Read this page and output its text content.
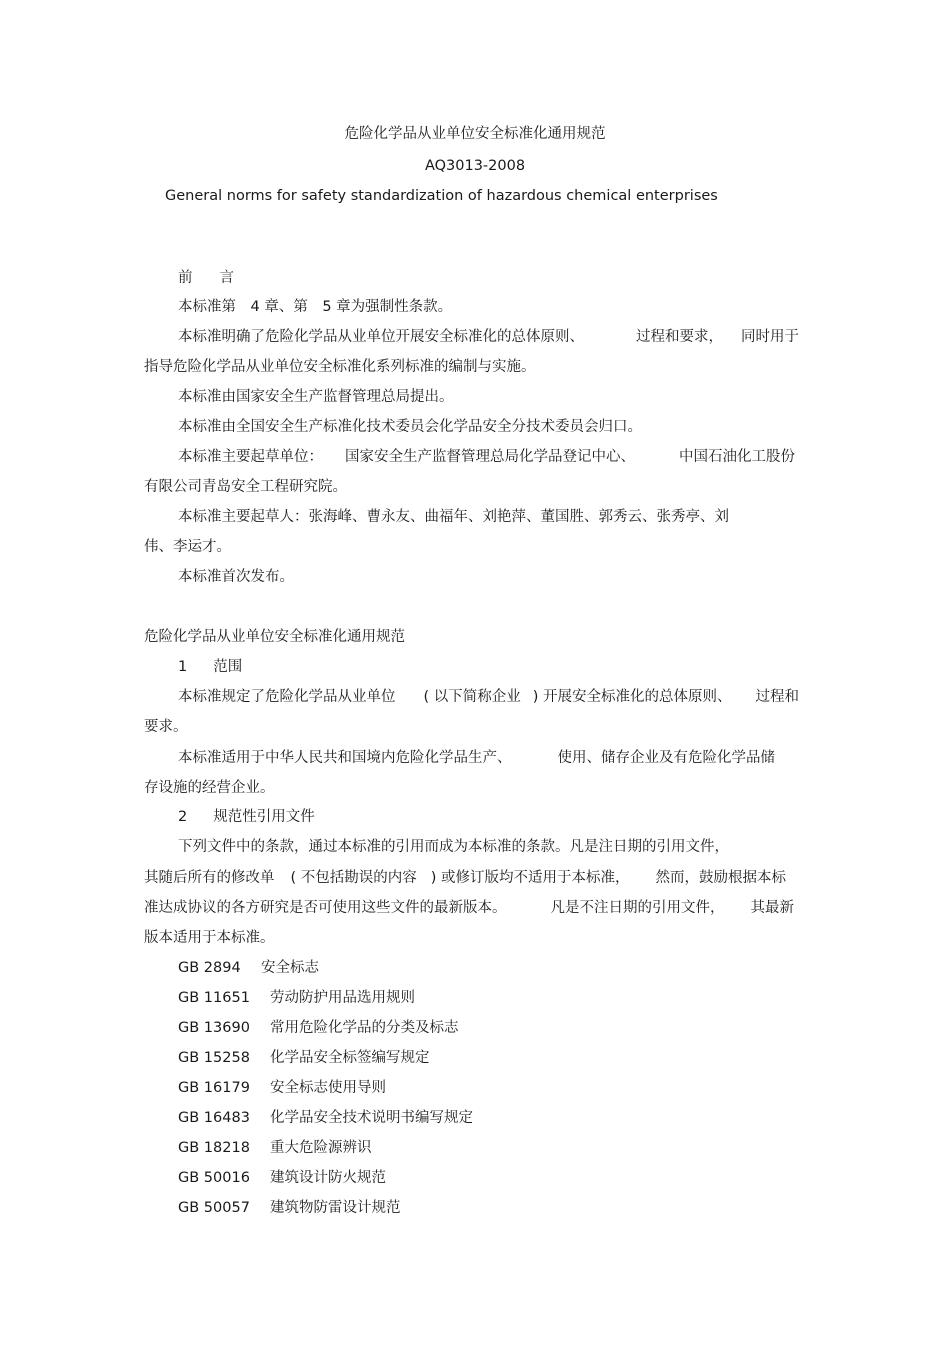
危险化学品从业单位安全标准化通用规范
AQ3013-2008
General norms for safety standardization of hazardous chemical enterprises
前 言
本标准第　4 章、第　5 章为强制性条款。
本标准明确了危险化学品从业单位开展安全标准化的总体原则、	过程和要求， 同时用于
指导危险化学品从业单位安全标准化系列标准的编制与实施。
本标准由国家安全生产监督管理总局提出。
本标准由全国安全生产标准化技术委员会化学品安全分技术委员会归口。
本标准主要起草单位： 国家安全生产监督管理总局化学品登记中心、	中国石油化工股份
有限公司青岛安全工程研究院。
本标准主要起草人：张海峰、曹永友、曲福年、刘艳萍、董国胜、郭秀云、张秀亭、刘
伟、李运才。
本标准首次发布。
危险化学品从业单位安全标准化通用规范
1 范围
本标准规定了危险化学品从业单位 ( 以下简称企业 ) 开展安全标准化的总体原则、 过程和
要求。
本标准适用于中华人民共和国境内危险化学品生产、	使用、储存企业及有危险化学品储
存设施的经营企业。
2 规范性引用文件
下列文件中的条款，通过本标准的引用而成为本标准的条款。凡是注日期的引用文件，
其随后所有的修改单 ( 不包括勘误的内容 ) 或修订版均不适用于本标准， 然而，鼓励根据本标
准达成协议的各方研究是否可使用这些文件的最新版本。	凡是不注日期的引用文件， 其最新
版本适用于本标准。
GB 2894 安全标志
GB 11651 劳动防护用品选用规则
GB 13690 常用危险化学品的分类及标志
GB 15258 化学品安全标签编写规定
GB 16179 安全标志使用导则
GB 16483 化学品安全技术说明书编写规定
GB 18218 重大危险源辨识
GB 50016 建筑设计防火规范
GB 50057 建筑物防雷设计规范
